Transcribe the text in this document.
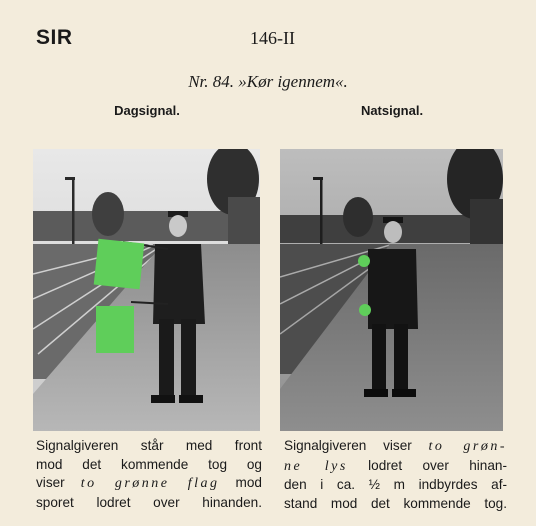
SIR	146-II
Nr. 84. »Kør igennem«.
Dagsignal.	Natsignal.
Signalgiveren står med front
mod det kommende tog og
viser to grønne flag mod
sporet lodret over hinanden.
Signalgiveren viser to grøn-
ne lys lodret over hinan-
den i ca. ½ m indbyrdes af-
stand mod det kommende tog.
